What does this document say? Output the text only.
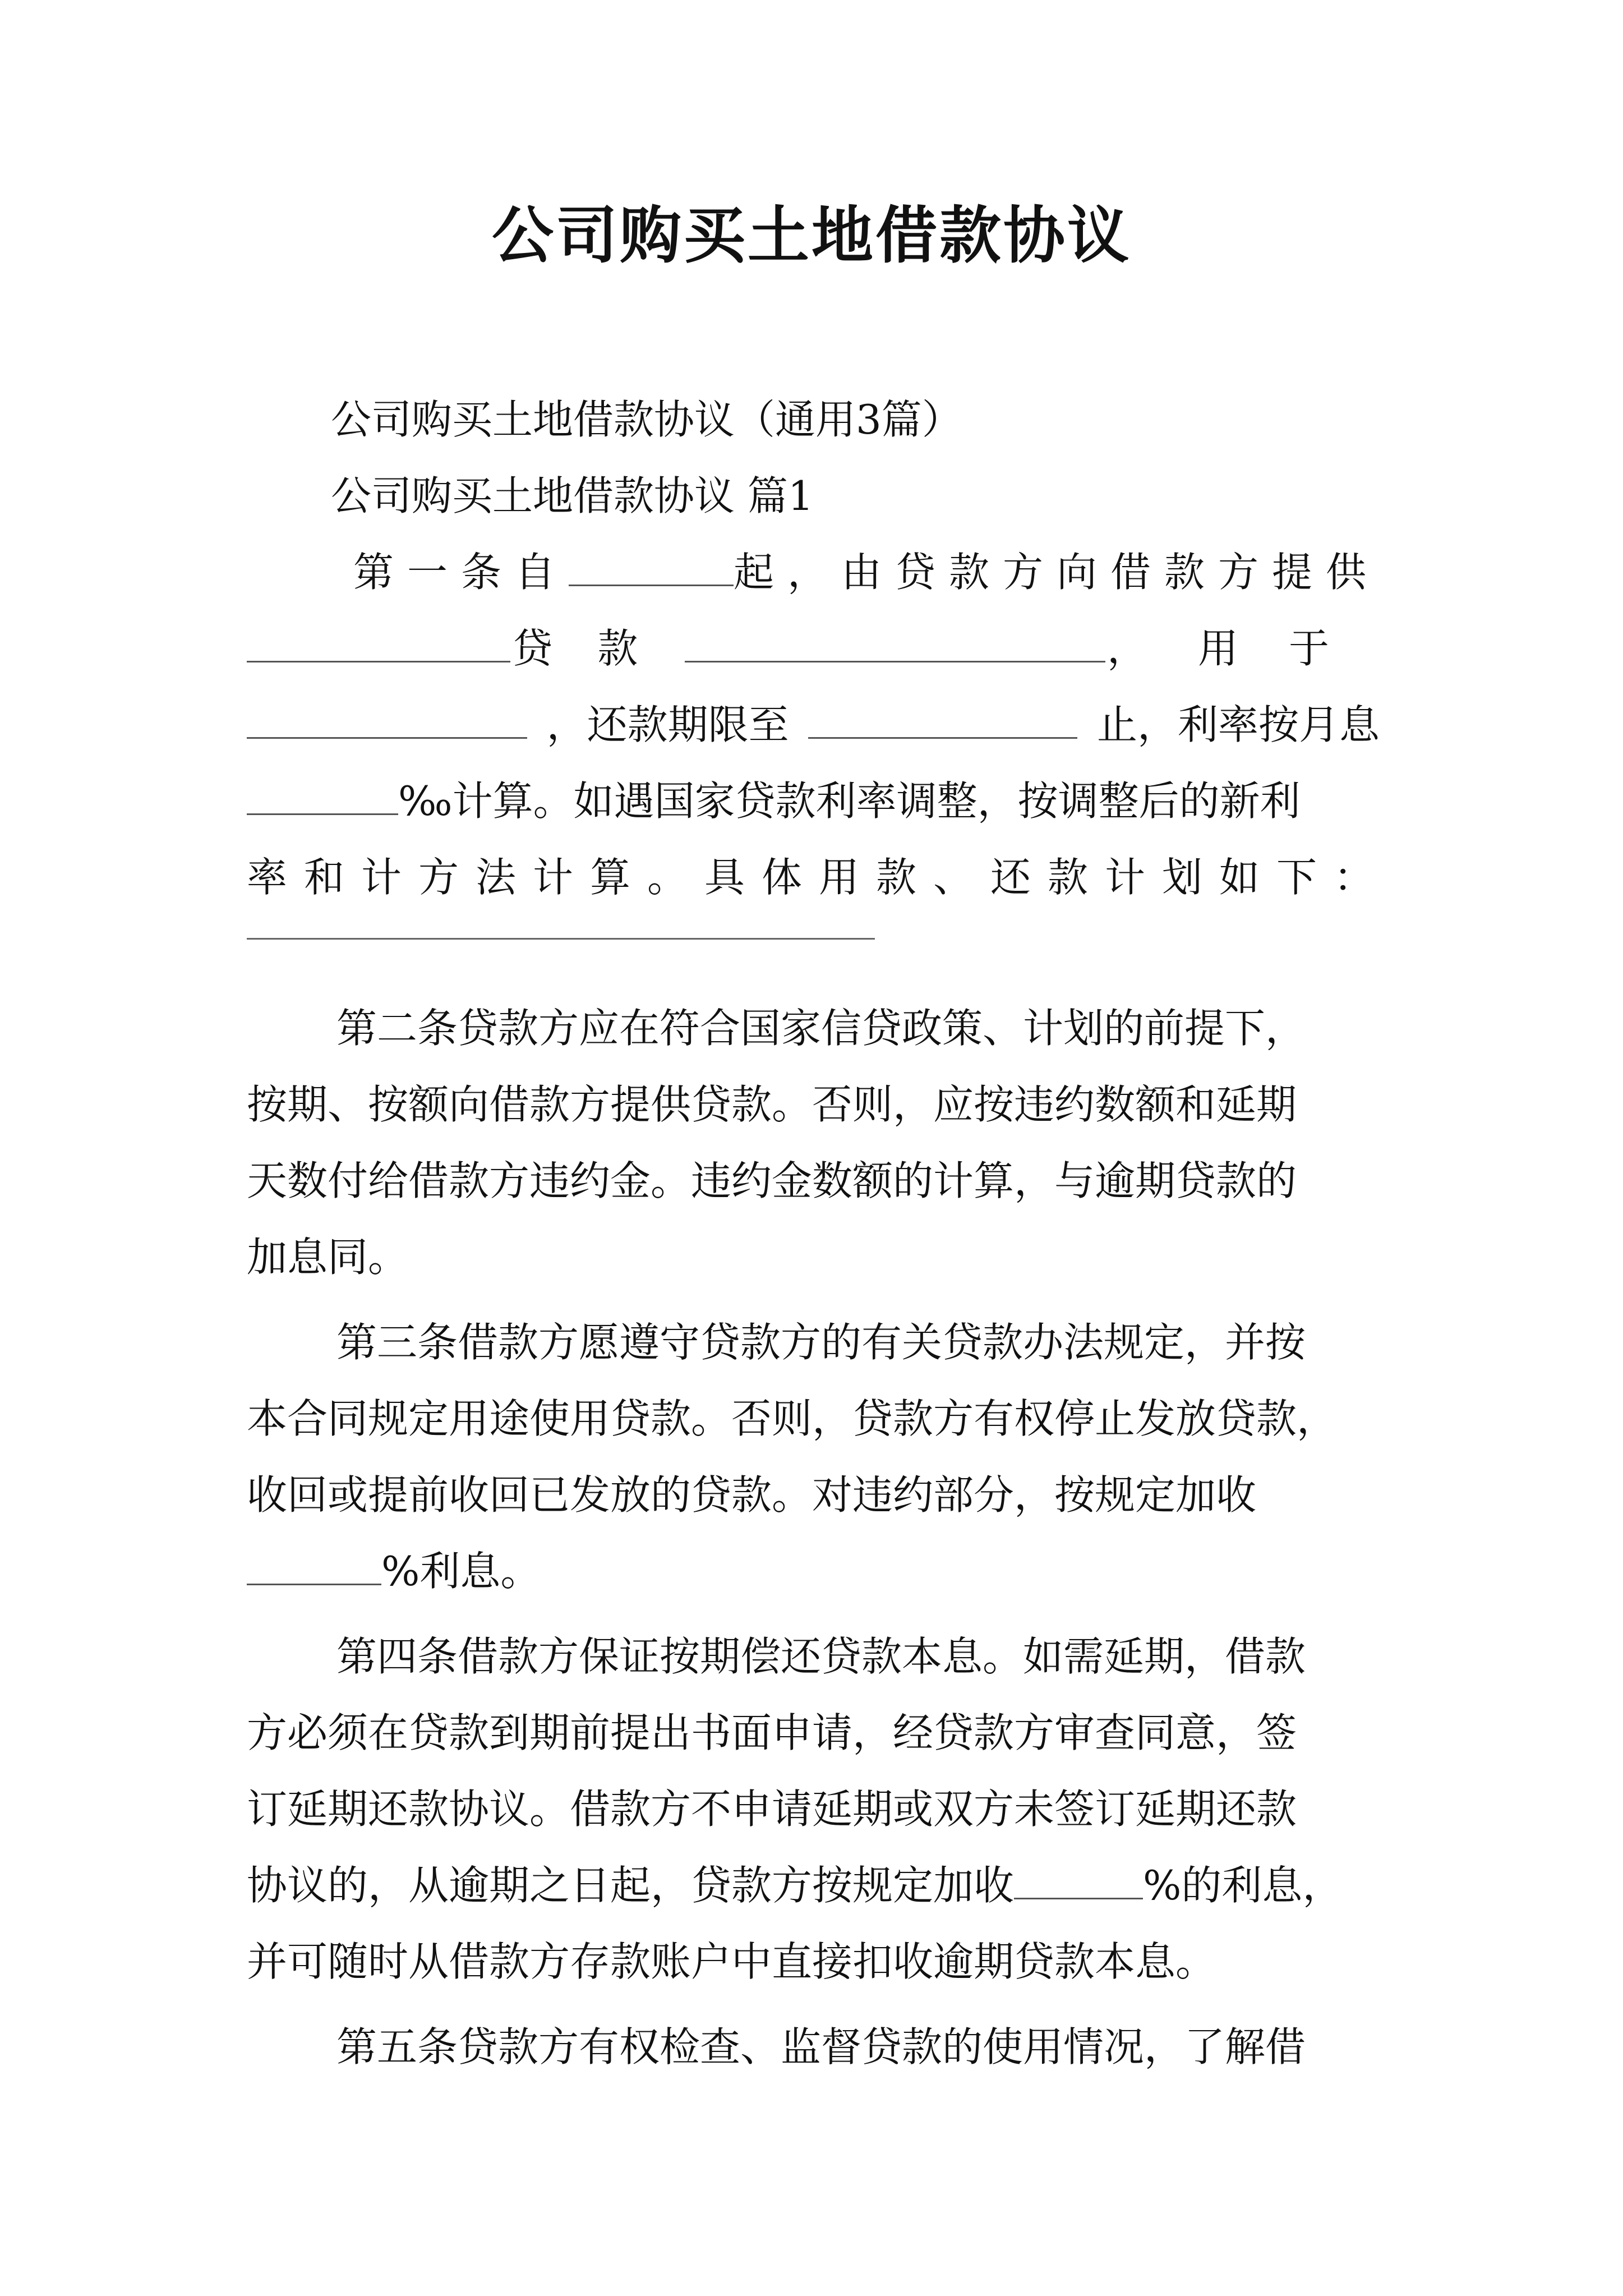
公司购买土地借款协议
公司购买土地借款协议（通用3篇）
公司购买土地借款协议 篇1
第一条自	起，由贷款方向借款方提供
贷款	，用于
，还款期限至	止，利率按月息
‰计算。如遇国家贷款利率调整，按调整后的新利
率和计方法计算。具体用款、还款计划如下：
第二条贷款方应在符合国家信贷政策、计划的前提下，
按期、按额向借款方提供贷款。否则，应按违约数额和延期
天数付给借款方违约金。违约金数额的计算，与逾期贷款的
加息同。
第三条借款方愿遵守贷款方的有关贷款办法规定，并按
本合同规定用途使用贷款。否则，贷款方有权停止发放贷款，
收回或提前收回已发放的贷款。对违约部分，按规定加收
%利息。
第四条借款方保证按期偿还贷款本息。如需延期，借款
方必须在贷款到期前提出书面申请，经贷款方审查同意，签
订延期还款协议。借款方不申请延期或双方未签订延期还款
协议的，从逾期之日起，贷款方按规定加收	%的利息，
并可随时从借款方存款账户中直接扣收逾期贷款本息。
第五条贷款方有权检查、监督贷款的使用情况，了解借
